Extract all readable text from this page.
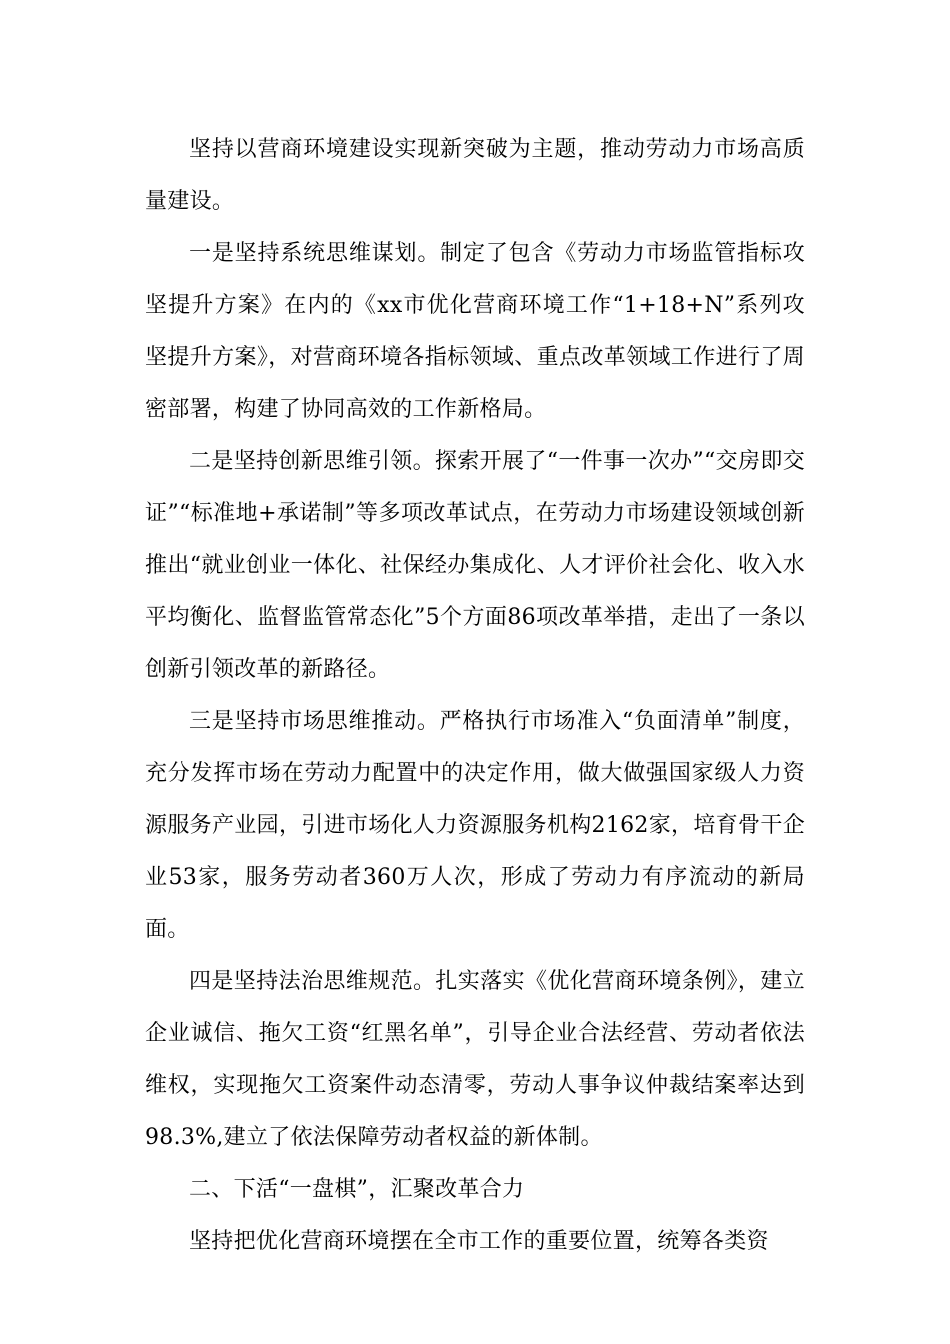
坚持以营商环境建设实现新突破为主题，推动劳动力市场高质量建设。

一是坚持系统思维谋划。制定了包含《劳动力市场监管指标攻坚提升方案》在内的《xx市优化营商环境工作“1+18+N”系列攻坚提升方案》，对营商环境各指标领域、重点改革领域工作进行了周密部署，构建了协同高效的工作新格局。

二是坚持创新思维引领。探索开展了“一件事一次办”“交房即交证”“标准地+承诺制”等多项改革试点，在劳动力市场建设领域创新推出“就业创业一体化、社保经办集成化、人才评价社会化、收入水平均衡化、监督监管常态化”5个方面86项改革举措，走出了一条以创新引领改革的新路径。

三是坚持市场思维推动。严格执行市场准入“负面清单”制度，充分发挥市场在劳动力配置中的决定作用，做大做强国家级人力资源服务产业园，引进市场化人力资源服务机构2162家，培育骨干企业53家，服务劳动者360万人次，形成了劳动力有序流动的新局面。

四是坚持法治思维规范。扎实落实《优化营商环境条例》，建立企业诚信、拖欠工资“红黑名单”，引导企业合法经营、劳动者依法维权，实现拖欠工资案件动态清零，劳动人事争议仲裁结案率达到98.3%,建立了依法保障劳动者权益的新体制。

二、下活“一盘棋”，汇聚改革合力

坚持把优化营商环境摆在全市工作的重要位置，统筹各类资
